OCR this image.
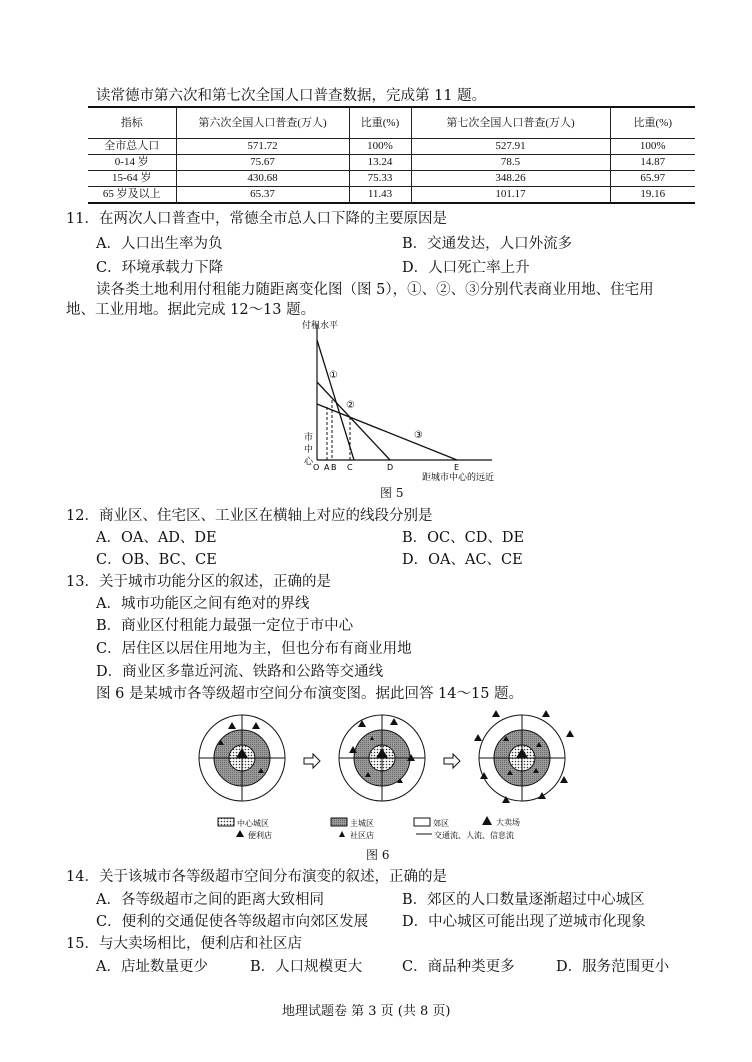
读常德市第六次和第七次全国人口普查数据，完成第 11 题。
指标	第六次全国人口普查(万人)	比重(%)	第七次全国人口普查(万人)	比重(%)
全市总人口	571.72	100%	527.91	100%
0-14 岁	75.67	13.24	78.5	14.87
15-64 岁	430.68	75.33	348.26	65.97
65 岁及以上	65.37	11.43	101.17	19.16
11．在两次人口普查中，常德全市总人口下降的主要原因是
A．人口出生率为负	B．交通发达，人口外流多
C．环境承载力下降	D．人口死亡率上升
读各类土地利用付租能力随距离变化图（图 5），①、②、③分别代表商业用地、住宅用
地、工业用地。据此完成 12～13 题。
付租水平
①
②
③
O A B C	D	E
市
中
心
距城市中心的远近
图 5
12．商业区、住宅区、工业区在横轴上对应的线段分别是
A．OA、AD、DE	B．OC、CD、DE
C．OB、BC、CE	D．OA、AC、CE
13．关于城市功能分区的叙述，正确的是
A．城市功能区之间有绝对的界线
B．商业区付租能力最强一定位于市中心
C．居住区以居住用地为主，但也分布有商业用地
D．商业区多靠近河流、铁路和公路等交通线
图 6 是某城市各等级超市空间分布演变图。据此回答 14～15 题。
中心城区	主城区	郊区	大卖场
便利店	社区店	交通流、人流、信息流
图 6
14．关于该城市各等级超市空间分布演变的叙述，正确的是
A．各等级超市之间的距离大致相同	B．郊区的人口数量逐渐超过中心城区
C．便利的交通促使各等级超市向郊区发展 D．中心城区可能出现了逆城市化现象
15．与大卖场相比，便利店和社区店
A．店址数量更少	B．人口规模更大	C．商品种类更多	D．服务范围更小
地理试题卷 第 3 页 (共 8 页)
